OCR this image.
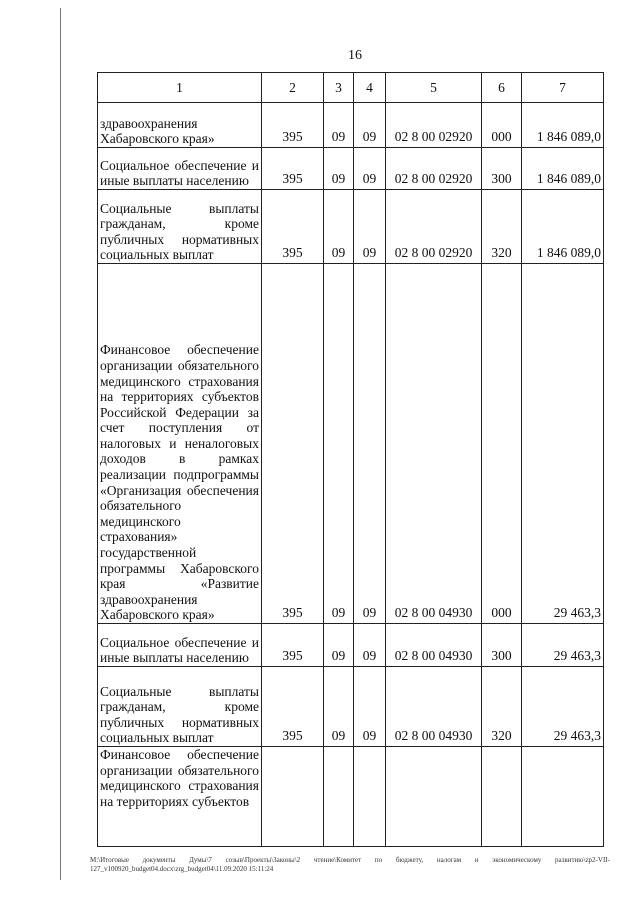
16
1	2	3	4	5	6	7
здравоохранения Хабаровского края»	395	09	09	02 8 00 02920	000	1 846 089,0
Социальное обеспечение и иные выплаты населению	395	09	09	02 8 00 02920	300	1 846 089,0
Социальные выплаты гражданам, кроме публичных нормативных социальных выплат	395	09	09	02 8 00 02920	320	1 846 089,0
Финансовое обеспечение организации обязательного медицинского страхования на территориях субъектов Российской Федерации за счет поступления от налоговых и неналоговых доходов в рамках реализации подпрограммы «Организация обеспечения обязательного медицинского страхования» государственной программы Хабаровского края «Развитие здравоохранения Хабаровского края»	395	09	09	02 8 00 04930	000	29 463,3
Социальное обеспечение и иные выплаты населению	395	09	09	02 8 00 04930	300	29 463,3
Социальные выплаты гражданам, кроме публичных нормативных социальных выплат	395	09	09	02 8 00 04930	320	29 463,3
Финансовое обеспечение организации обязательного медицинского страхования на территориях субъектов						
M:\Итоговые документы Думы\7 созыв\Проекты\Законы\2 чтение\Комитет по бюджету, налогам и экономическому развитию\zp2-VII-
127_v100920_budget04.docx\zrg_budget04\11.09.2020 15:11:24
